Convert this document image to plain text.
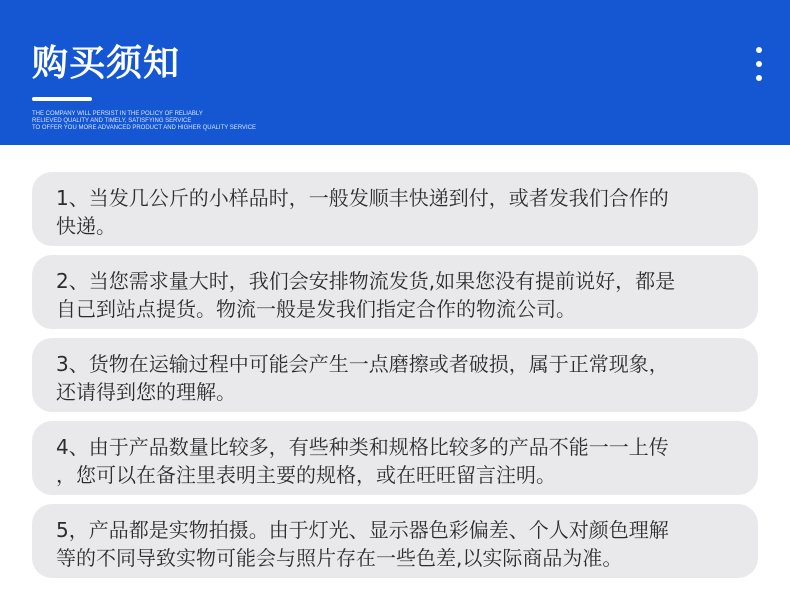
购买须知
THE COMPANY WILL PERSIST IN THE POLICY OF RELIABLY
RELIEVED QUALITY AND TIMELY, SATISFYING SERVICE
TO OFFER YOU MORE ADVANCED PRODUCT AND HIGHER QUALITY SERVICE
1、当发几公斤的小样品时，一般发顺丰快递到付，或者发我们合作的
快递。
2、当您需求量大时，我们会安排物流发货,如果您没有提前说好，都是
自己到站点提货。物流一般是发我们指定合作的物流公司。
3、货物在运输过程中可能会产生一点磨擦或者破损，属于正常现象，
还请得到您的理解。
4、由于产品数量比较多，有些种类和规格比较多的产品不能一一上传
，您可以在备注里表明主要的规格，或在旺旺留言注明。
5，产品都是实物拍摄。由于灯光、显示器色彩偏差、个人对颜色理解
等的不同导致实物可能会与照片存在一些色差,以实际商品为准。
